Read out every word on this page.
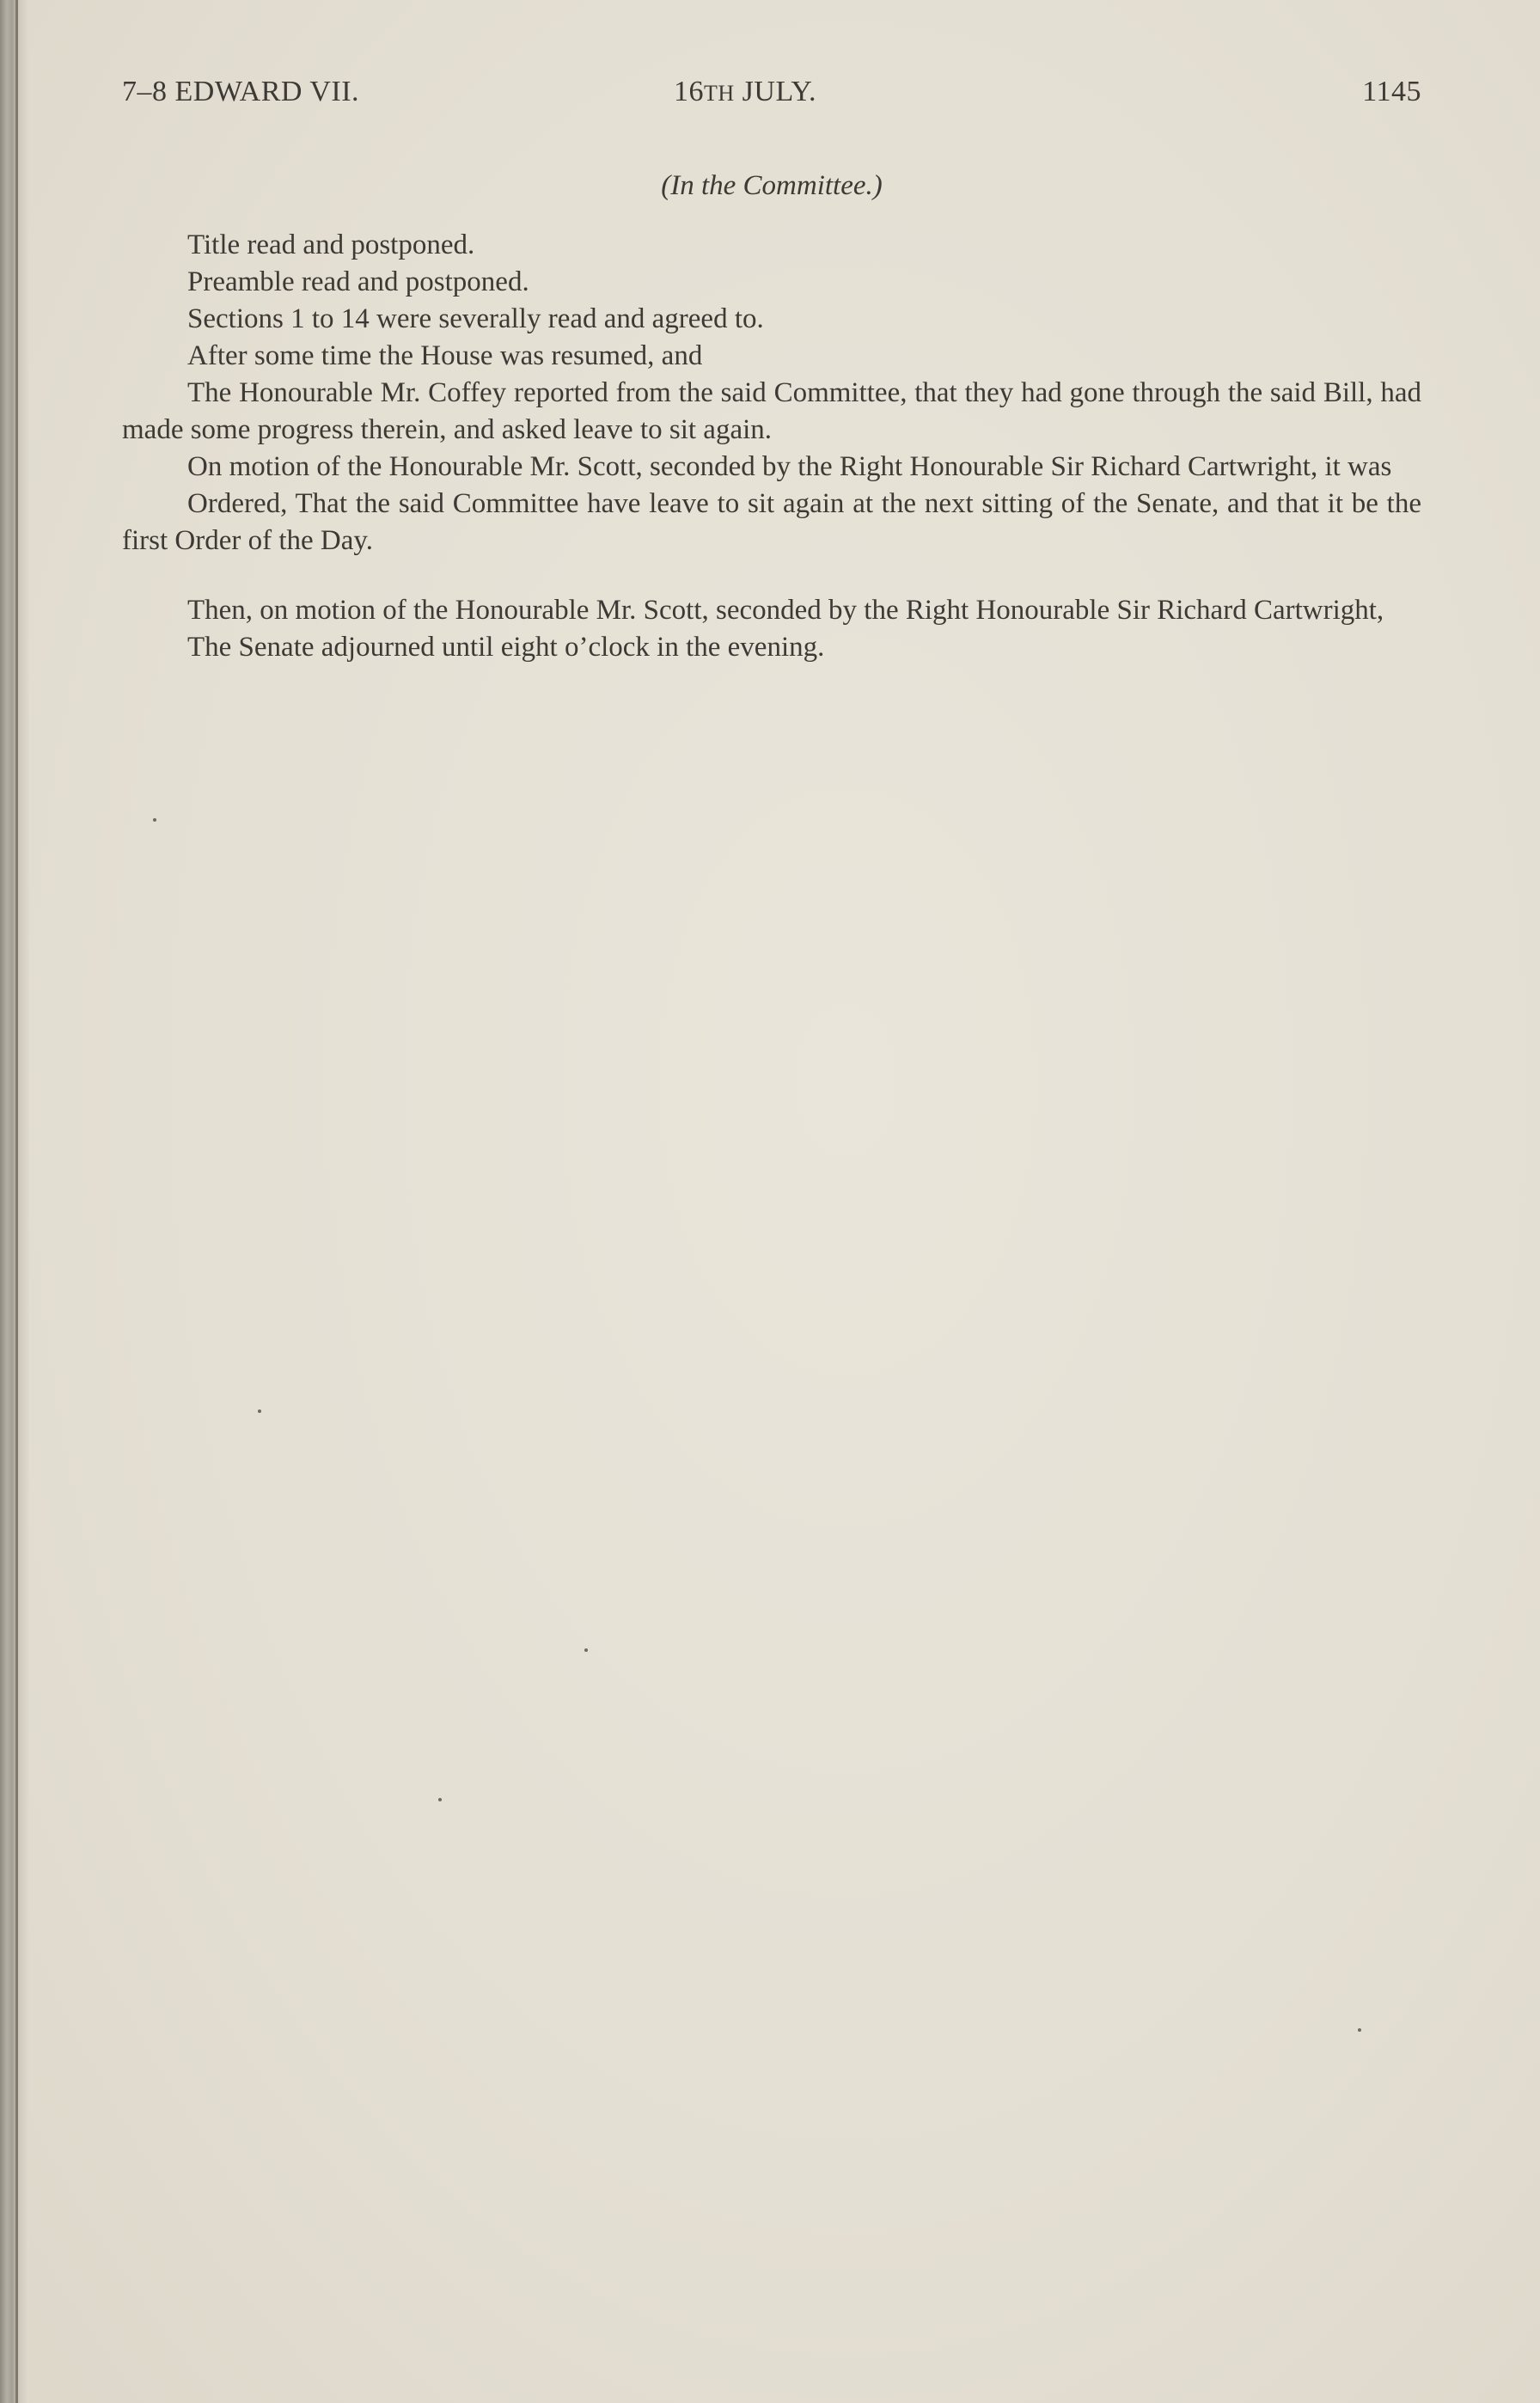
7–8 EDWARD VII.	16TH JULY.	1145
(In the Committee.)

Title read and postponed.

Preamble read and postponed.

Sections 1 to 14 were severally read and agreed to.

After some time the House was resumed, and

The Honourable Mr. Coffey reported from the said Committee, that they had gone through the said Bill, had made some progress therein, and asked leave to sit again.

On motion of the Honourable Mr. Scott, seconded by the Right Honourable Sir Richard Cartwright, it was

Ordered, That the said Committee have leave to sit again at the next sitting of the Senate, and that it be the first Order of the Day.

Then, on motion of the Honourable Mr. Scott, seconded by the Right Honourable Sir Richard Cartwright,

The Senate adjourned until eight o’clock in the evening.
